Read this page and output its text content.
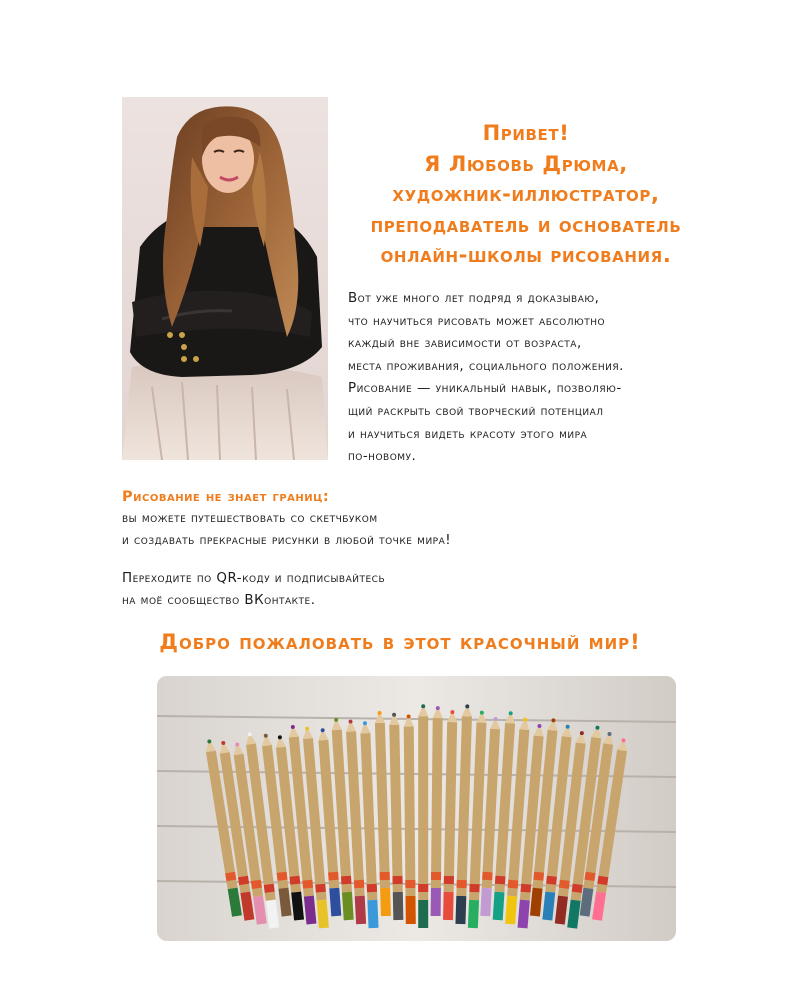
Привет!
Я Любовь Дрюма,
художник-иллюстратор,
преподаватель и основатель
онлайн-школы рисования.

Вот уже много лет подряд я доказываю,
что научиться рисовать может абсолютно
каждый вне зависимости от возраста,
места проживания, социального положения.
Рисование — уникальный навык, позволяю-
щий раскрыть свой творческий потенциал
и научиться видеть красоту этого мира
по-новому.

Рисование не знает границ:
вы можете путешествовать со скетчбуком
и создавать прекрасные рисунки в любой точке мира!
Переходите по QR-коду и подписывайтесь
на моё сообщество ВКонтакте.
Добро пожаловать в этот красочный мир!
